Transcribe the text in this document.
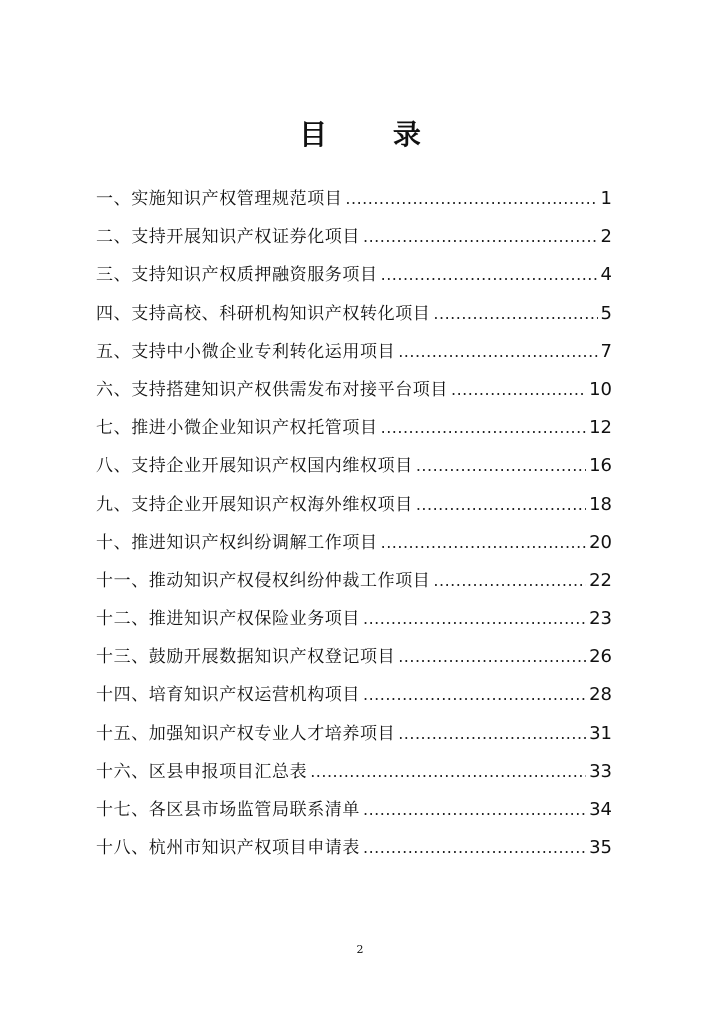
目 录
一、实施知识产权管理规范项目 .....	1
二、支持开展知识产权证券化项目 .....	2
三、支持知识产权质押融资服务项目 .....	4
四、支持高校、科研机构知识产权转化项目 .....	5
五、支持中小微企业专利转化运用项目 .....	7
六、支持搭建知识产权供需发布对接平台项目 .....	10
七、推进小微企业知识产权托管项目 .....	12
八、支持企业开展知识产权国内维权项目 .....	16
九、支持企业开展知识产权海外维权项目 .....	18
十、推进知识产权纠纷调解工作项目 .....	20
十一、推动知识产权侵权纠纷仲裁工作项目 .....	22
十二、推进知识产权保险业务项目 .....	23
十三、鼓励开展数据知识产权登记项目 .....	26
十四、培育知识产权运营机构项目 .....	28
十五、加强知识产权专业人才培养项目 .....	31
十六、区县申报项目汇总表 .....	33
十七、各区县市场监管局联系清单 .....	34
十八、杭州市知识产权项目申请表 .....	35
2
